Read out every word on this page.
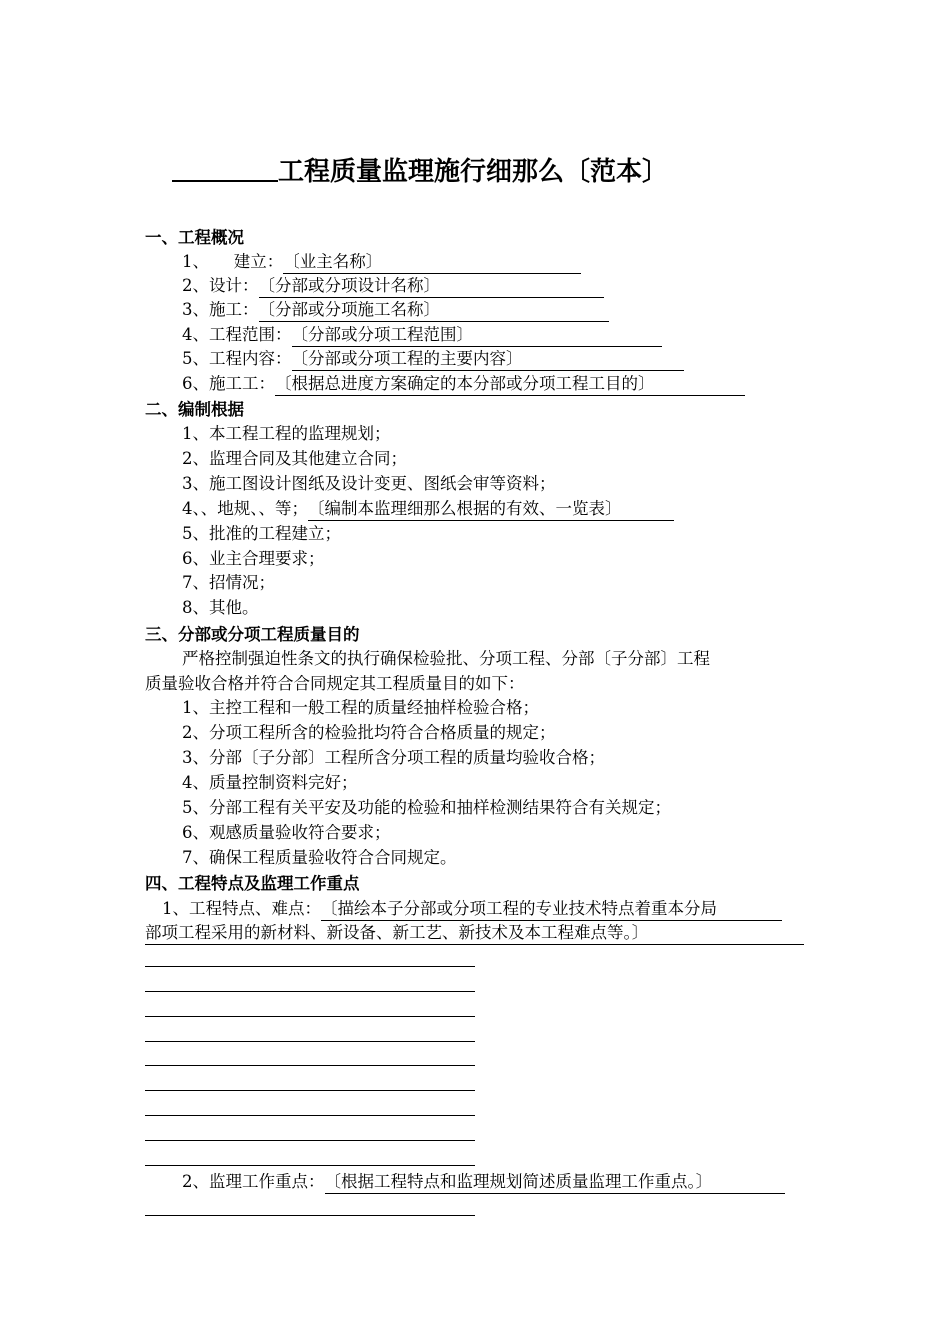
工程质量监理施行细那么〔范本〕
一、工程概况
1、　　建立：〔业主名称〕
2、设计：〔分部或分项设计名称〕
3、施工：〔分部或分项施工名称〕
4、工程范围：〔分部或分项工程范围〕
5、工程内容：〔分部或分项工程的主要内容〕
6、施工工：〔根据总进度方案确定的本分部或分项工程工目的〕
二、编制根据
1、本工程工程的监理规划；
2、监理合同及其他建立合同；
3、施工图设计图纸及设计变更、图纸会审等资料；
4、、地规、、等；〔编制本监理细那么根据的有效、一览表〕
5、批准的工程建立；
6、业主合理要求；
7、招情况；
8、其他。
三、分部或分项工程质量目的
严格控制强迫性条文的执行确保检验批、分项工程、分部〔子分部〕工程
质量验收合格并符合合同规定其工程质量目的如下：
1、主控工程和一般工程的质量经抽样检验合格；
2、分项工程所含的检验批均符合合格质量的规定；
3、分部〔子分部〕工程所含分项工程的质量均验收合格；
4、质量控制资料完好；
5、分部工程有关平安及功能的检验和抽样检测结果符合有关规定；
6、观感质量验收符合要求；
7、确保工程质量验收符合合同规定。
四、工程特点及监理工作重点
1、工程特点、难点：〔描绘本子分部或分项工程的专业技术特点着重本分局
部项工程采用的新材料、新设备、新工艺、新技术及本工程难点等。〕
2、监理工作重点：〔根据工程特点和监理规划简述质量监理工作重点。〕
